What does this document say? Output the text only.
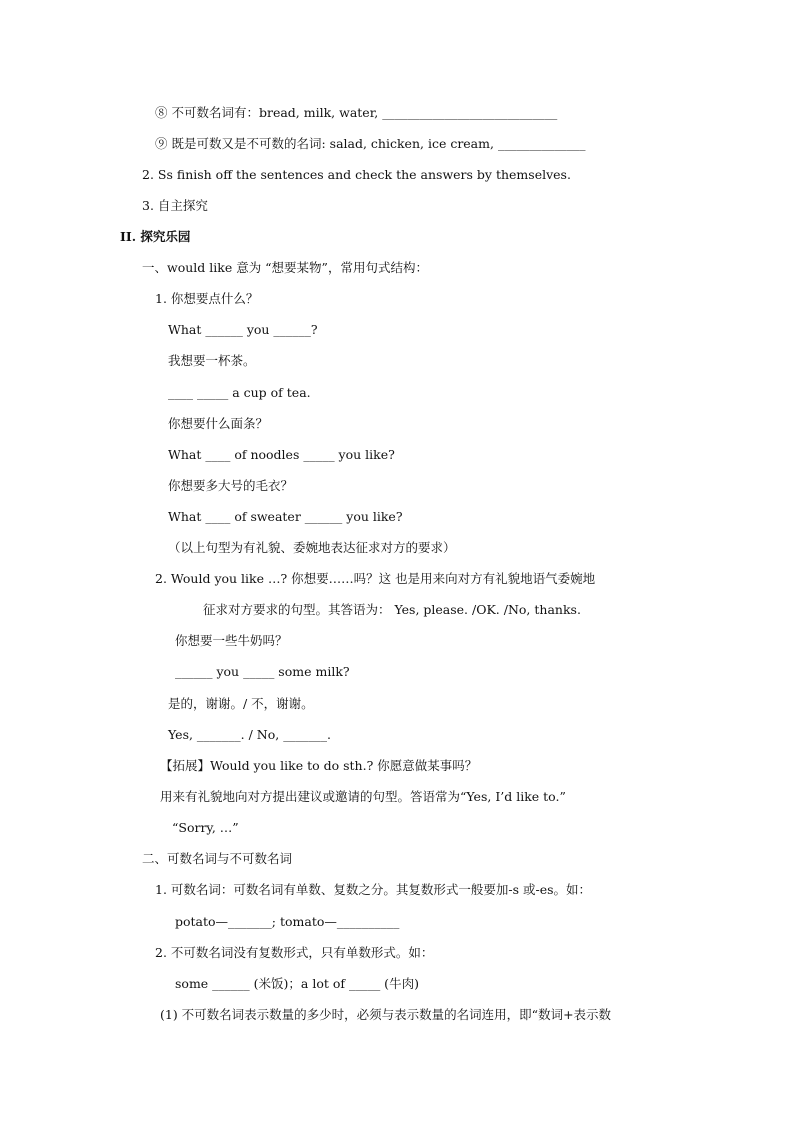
⑧ 不可数名词有：bread, milk, water, ____________________________
⑨ 既是可数又是不可数的名词: salad, chicken, ice cream, ______________
2. Ss finish off the sentences and check the answers by themselves.
3. 自主探究
II. 探究乐园
一、would like 意为 “想要某物”，常用句式结构：
1. 你想要点什么？
What ______ you ______?
我想要一杯茶。
____ _____ a cup of tea.
你想要什么面条？
What ____ of noodles _____ you like?
你想要多大号的毛衣？
What ____ of sweater ______ you like?
（以上句型为有礼貌、委婉地表达征求对方的要求）
2. Would you like …? 你想要……吗？这 也是用来向对方有礼貌地语气委婉地
征求对方要求的句型。其答语为： Yes, please. /OK. /No, thanks.
你想要一些牛奶吗？
______ you _____ some milk?
是的，谢谢。/ 不，谢谢。
Yes, _______. / No, _______.
【拓展】Would you like to do sth.? 你愿意做某事吗？
用来有礼貌地向对方提出建议或邀请的句型。答语常为“Yes, I’d like to.”
“Sorry, …”
二、可数名词与不可数名词
1. 可数名词：可数名词有单数、复数之分。其复数形式一般要加-s 或-es。如：
potato—_______; tomato—__________
2. 不可数名词没有复数形式，只有单数形式。如：
some ______ (米饭)；a lot of _____ (牛肉)
(1) 不可数名词表示数量的多少时，必须与表示数量的名词连用，即“数词+表示数
